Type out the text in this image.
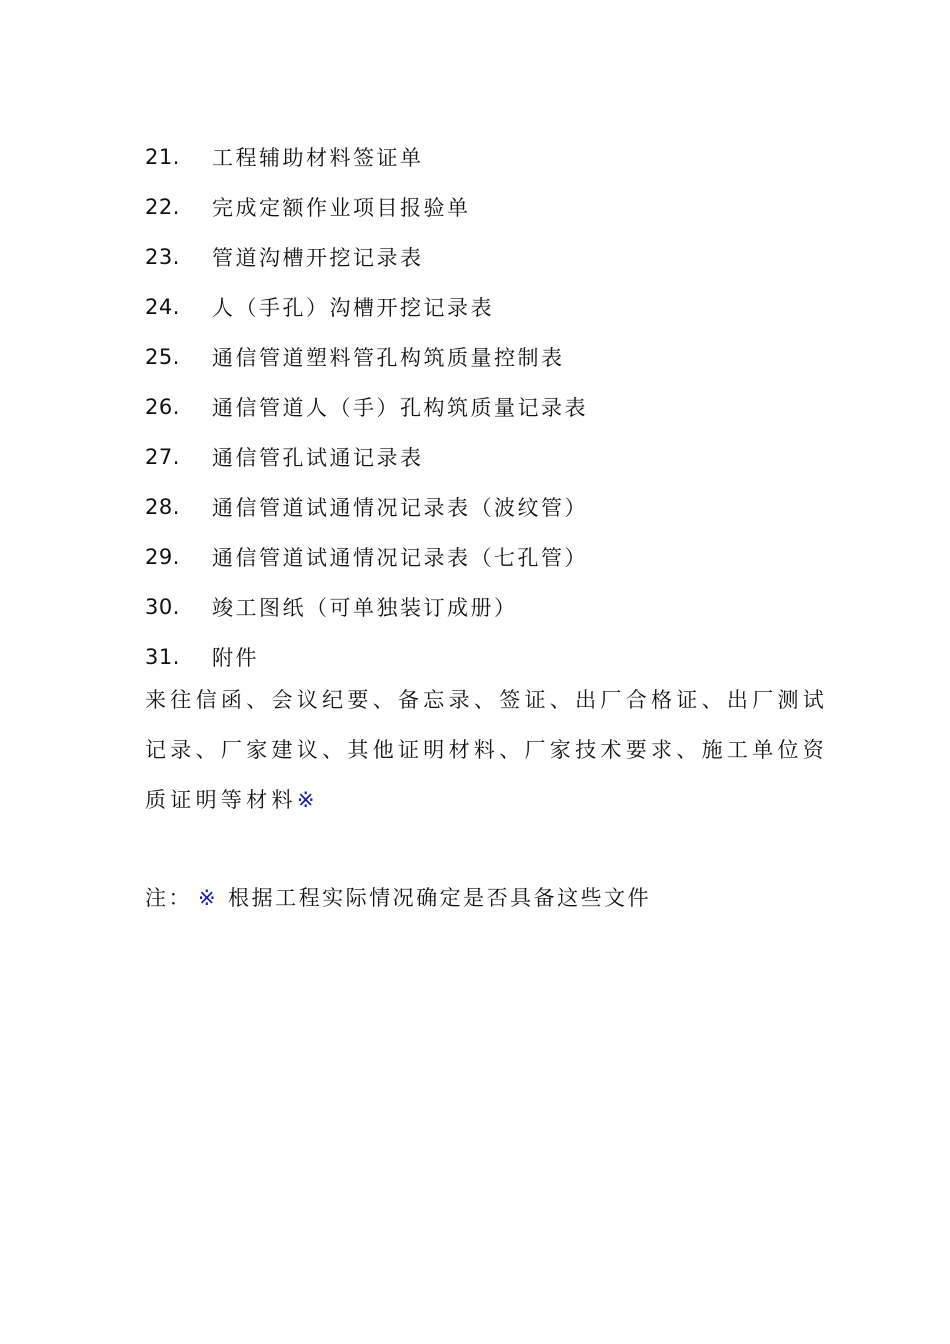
21.	工程辅助材料签证单
22.	完成定额作业项目报验单
23.	管道沟槽开挖记录表
24.	人（手孔）沟槽开挖记录表
25.	通信管道塑料管孔构筑质量控制表
26.	通信管道人（手）孔构筑质量记录表
27.	通信管孔试通记录表
28.	通信管道试通情况记录表（波纹管）
29.	通信管道试通情况记录表（七孔管）
30.	竣工图纸（可单独装订成册）
31.	附件
来往信函、会议纪要、备忘录、签证、出厂合格证、出厂测试记录、厂家建议、其他证明材料、厂家技术要求、施工单位资质证明等材料※
注： ※ 根据工程实际情况确定是否具备这些文件
